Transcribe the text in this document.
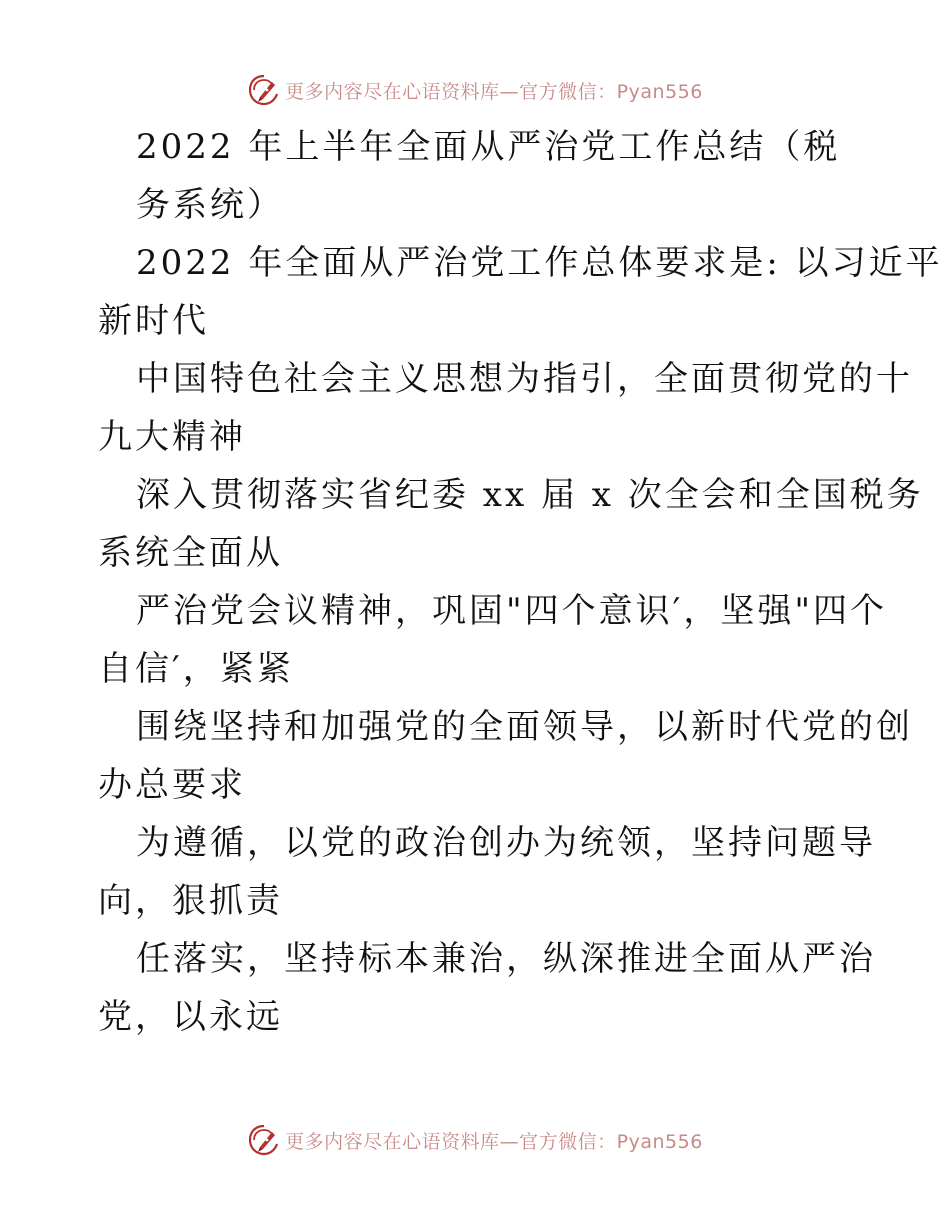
更多内容尽在心语资料库—官方微信：Pyan556
2022 年上半年全面从严治党工作总结（税
务系统）
2022 年全面从严治党工作总体要求是: 以习近平
新时代
中国特色社会主义思想为指引，全面贯彻党的十
九大精神
深入贯彻落实省纪委 xx 届 x 次全会和全国税务
系统全面从
严治党会议精神，巩固"四个意识′，坚强"四个
自信′，紧紧
围绕坚持和加强党的全面领导，以新时代党的创
办总要求
为遵循，以党的政治创办为统领，坚持问题导
向，狠抓责
任落实，坚持标本兼治，纵深推进全面从严治
党，以永远
更多内容尽在心语资料库—官方微信：Pyan556
